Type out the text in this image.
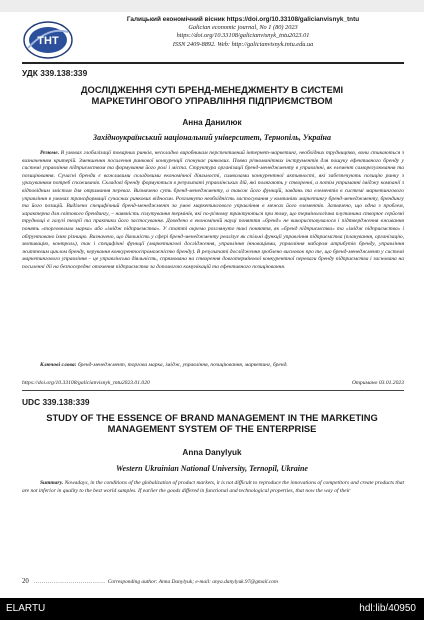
ТНТ
Галицький економічний вісник https://doi.org/10.33108/galicianvisnyk_tntu
Galician economic journal, No 1 (80) 2023
https://doi.org/10.33108/galicianvisnyk_tntu2023.01
ISSN 2409-8892. Web: http://galicianvisnyk.tntu.edu.ua
УДК 339.138:339
ДОСЛІДЖЕННЯ СУТІ БРЕНД-МЕНЕДЖМЕНТУ В СИСТЕМІ МАРКЕТИНГОВОГО УПРАВЛІННЯ ПІДПРИЄМСТВОМ
Анна Данилюк
Західноукраїнський національний університет, Тернопіль, Україна
Резюме. В умовах глобалізації товарних ринків, нескладно виробникам перспективний інтернет-маркетинг, необхідних трудництво, вони стикаються з визначенням критерій. Зменшення посилення ринкової конкуренції спонукає ринкових. Поява різноманітних інструментів для пошуку ефективного бренду у системі управління підприємством та формування його ролі і міста. Структура організації бренд-менеджменту в управлінні, як елемент саморегулювання та позиціювання. Сучасні бренди є важливими складовими економічної діяльності, символами конкурентної активності, які забезпечують позицію ринку з урахуванням потреб споживачів. Складові бренду формуються в результаті управлінських дій, які полягають у створенні, а потім утриманні іміджу компанії з відповідним змістом для отримання переваг. Визначено суть бренд-менеджменту, а також його функцій, завдань та елементів в системі маркетингового управління в умовах трансформації сучасних ринкових відносин. Розглянуто необхідність застосування у компаніях маркетингу бренд-менеджменту, брендингу та його позицій. Виділено специфічний бренд-менеджмент за умов маркетингового управління в межах його елементів. Зазначено, що одна з проблем, характерна для світового брендингу, – наявність сплутування термінів, які по-різному трактуються при тому, що термінологічна плутанина створює серйозні труднощі в галузі теорії та практики його застосування. Доведено в економічній науці поняття «бренд» не використовувалося і підтвердження вживання понять «торговельна марка» або «імідж підприємства». У статті окремо розглянуто такі поняття, як «бренд підприємства» та «імідж підприємства» і обґрунтовано їхню різницю. Визначено, що діяльність у сфері бренд-менеджменту реалізує як спільні функції управління підприємства (планування, організацію, мотивацію, контроль), так і специфічні функції (маркетингові дослідження, управління інноваціями, управління набором атрибутів бренду, управління життєвим циклом бренду, керування конкурентоспроможністю бренду). В результаті дослідження зроблено висновок про те, що бренд-менеджмент у системі маркетингового управління – це управлінська діяльність, спрямована на створення довготермінової конкурентної переваги бренду підприємства і заснована на посиленні дії на безпосереднє оточення підприємства за допомогою комунікацій та ефективного позиціювання.
Ключові слова: бренд-менеджмент, торгова марка, імідж, управління, позиціювання, маркетинг, бренд.
https://doi.org/10.33108/galicianvisnyk_tntu2023.01.020	Отримано 03.01.2023
UDC 339.138:339
STUDY OF THE ESSENCE OF BRAND MANAGEMENT IN THE MARKETING MANAGEMENT SYSTEM OF THE ENTERPRISE
Anna Danylyuk
Western Ukrainian National University, Ternopil, Ukraine
Summary. Nowadays, in the conditions of the globalization of product markets, it is not difficult to reproduce the innovations of competitors and create products that are not inferior in quality to the best world samples. If earlier the goods differed in functional and technological properties, that now the way of their
20 ..................................... Corresponding author: Anna Danylyuk; e-mail: anya.danylyuk.97@gmail.com
ELARTU	hdl:lib/40950
